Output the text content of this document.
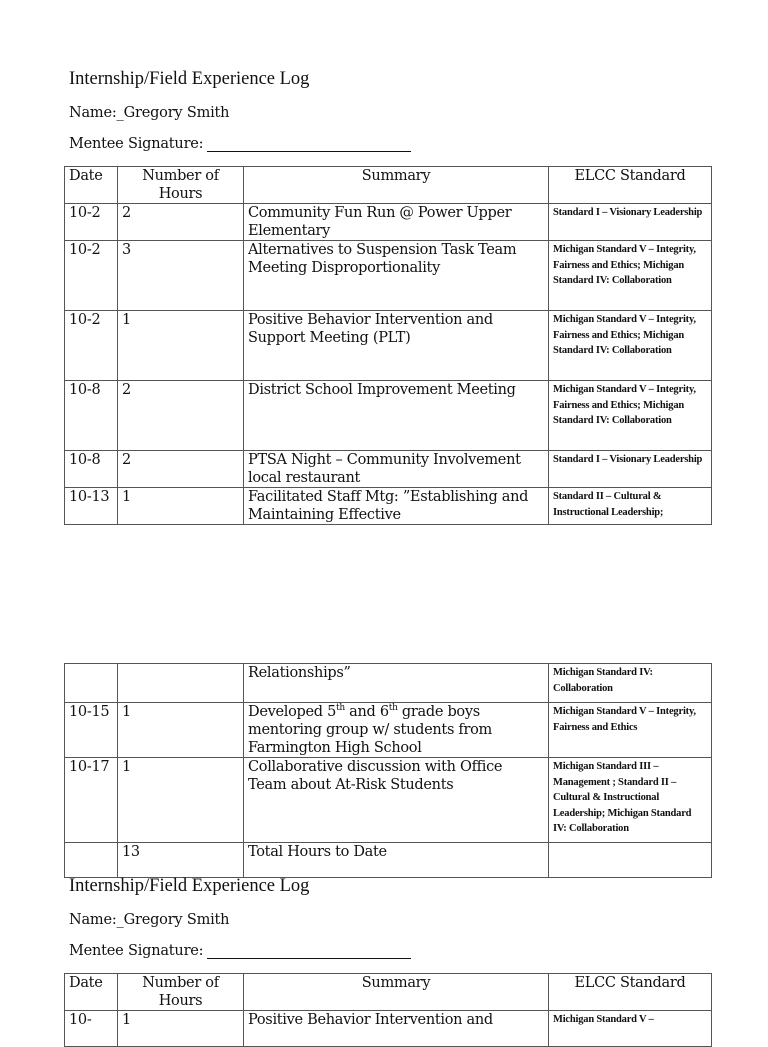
Internship/Field Experience Log
Name:_Gregory Smith
Mentee Signature:
Date	Number of Hours	Summary	ELCC Standard
10-2	2	Community Fun Run @ Power Upper Elementary	Standard I – Visionary Leadership
10-2	3	Alternatives to Suspension Task Team Meeting Disproportionality	Michigan Standard V – Integrity, Fairness and Ethics; Michigan Standard IV: Collaboration
10-2	1	Positive Behavior Intervention and Support Meeting (PLT)	Michigan Standard V – Integrity, Fairness and Ethics; Michigan Standard IV: Collaboration
10-8	2	District School Improvement Meeting	Michigan Standard V – Integrity, Fairness and Ethics; Michigan Standard IV: Collaboration
10-8	2	PTSA Night – Community Involvement local restaurant	Standard I – Visionary Leadership
10-13	1	Facilitated Staff Mtg: ”Establishing and Maintaining Effective	Standard II – Cultural & Instructional Leadership;
		Relationships”	Michigan Standard IV: Collaboration
10-15	1	Developed 5th and 6th grade boys mentoring group w/ students from Farmington High School	Michigan Standard V – Integrity, Fairness and Ethics
10-17	1	Collaborative discussion with Office Team about At-Risk Students	Michigan Standard III – Management ; Standard II – Cultural & Instructional Leadership; Michigan Standard IV: Collaboration
	13	Total Hours to Date	
Internship/Field Experience Log
Name:_Gregory Smith
Mentee Signature:
Date	Number of Hours	Summary	ELCC Standard
10-	1	Positive Behavior Intervention and	Michigan Standard V –
